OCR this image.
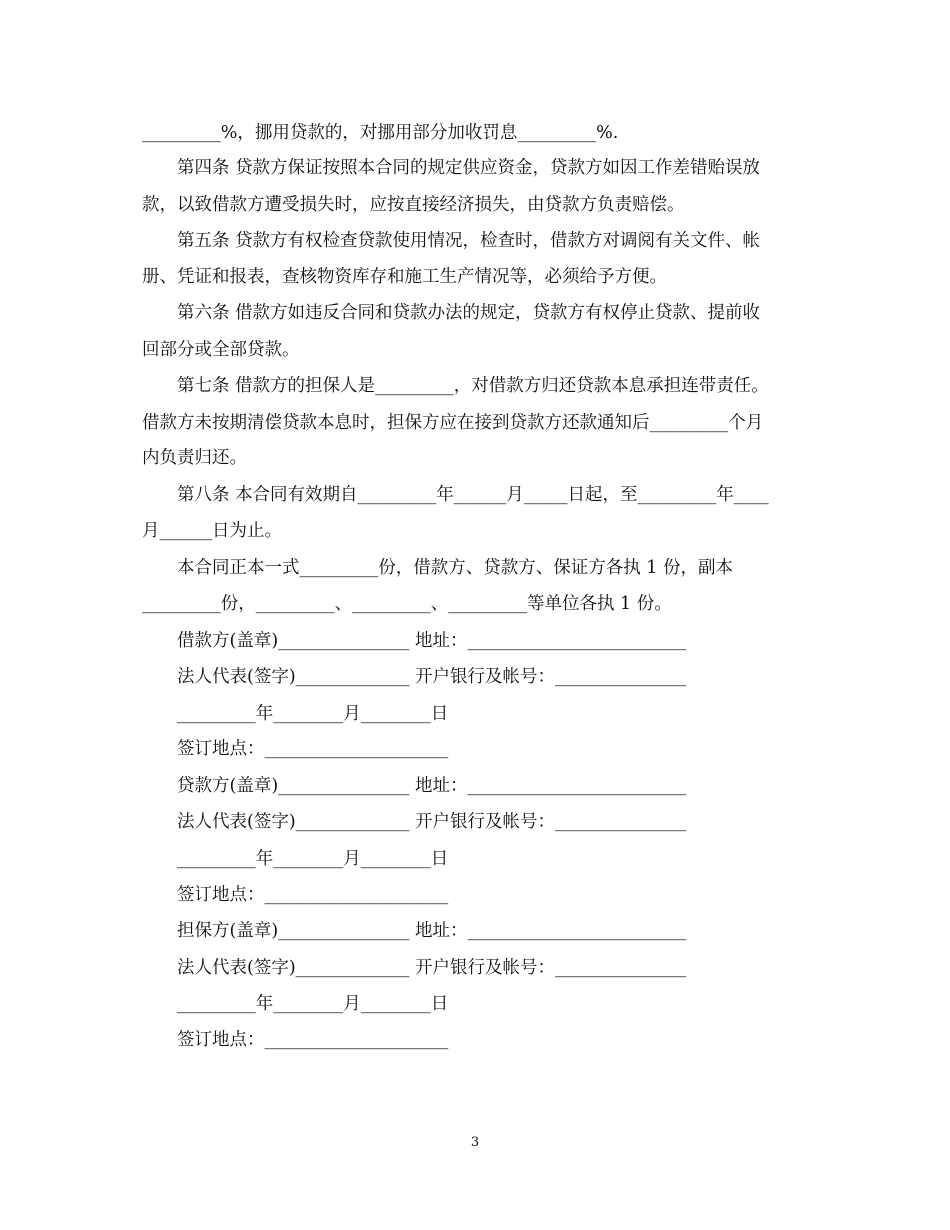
_________%，挪用贷款的，对挪用部分加收罚息_________%.
第四条 贷款方保证按照本合同的规定供应资金，贷款方如因工作差错贻误放
款，以致借款方遭受损失时，应按直接经济损失，由贷款方负责赔偿。
第五条 贷款方有权检查贷款使用情况，检查时，借款方对调阅有关文件、帐
册、凭证和报表，查核物资库存和施工生产情况等，必须给予方便。
第六条 借款方如违反合同和贷款办法的规定，贷款方有权停止贷款、提前收
回部分或全部贷款。
第七条 借款方的担保人是_________，对借款方归还贷款本息承担连带责任。
借款方未按期清偿贷款本息时，担保方应在接到贷款方还款通知后_________个月
内负责归还。
第八条 本合同有效期自_________年______月_____日起，至_________年____
月______日为止。
本合同正本一式_________份，借款方、贷款方、保证方各执 1 份，副本
_________份，_________、_________、_________等单位各执 1 份。
借款方(盖章)_______________ 地址：_________________________
法人代表(签字)_____________ 开户银行及帐号：_______________
_________年________月________日
签订地点：_____________________
贷款方(盖章)_______________ 地址：_________________________
法人代表(签字)_____________ 开户银行及帐号：_______________
_________年________月________日
签订地点：_____________________
担保方(盖章)_______________ 地址：_________________________
法人代表(签字)_____________ 开户银行及帐号：_______________
_________年________月________日
签订地点：_____________________
3
